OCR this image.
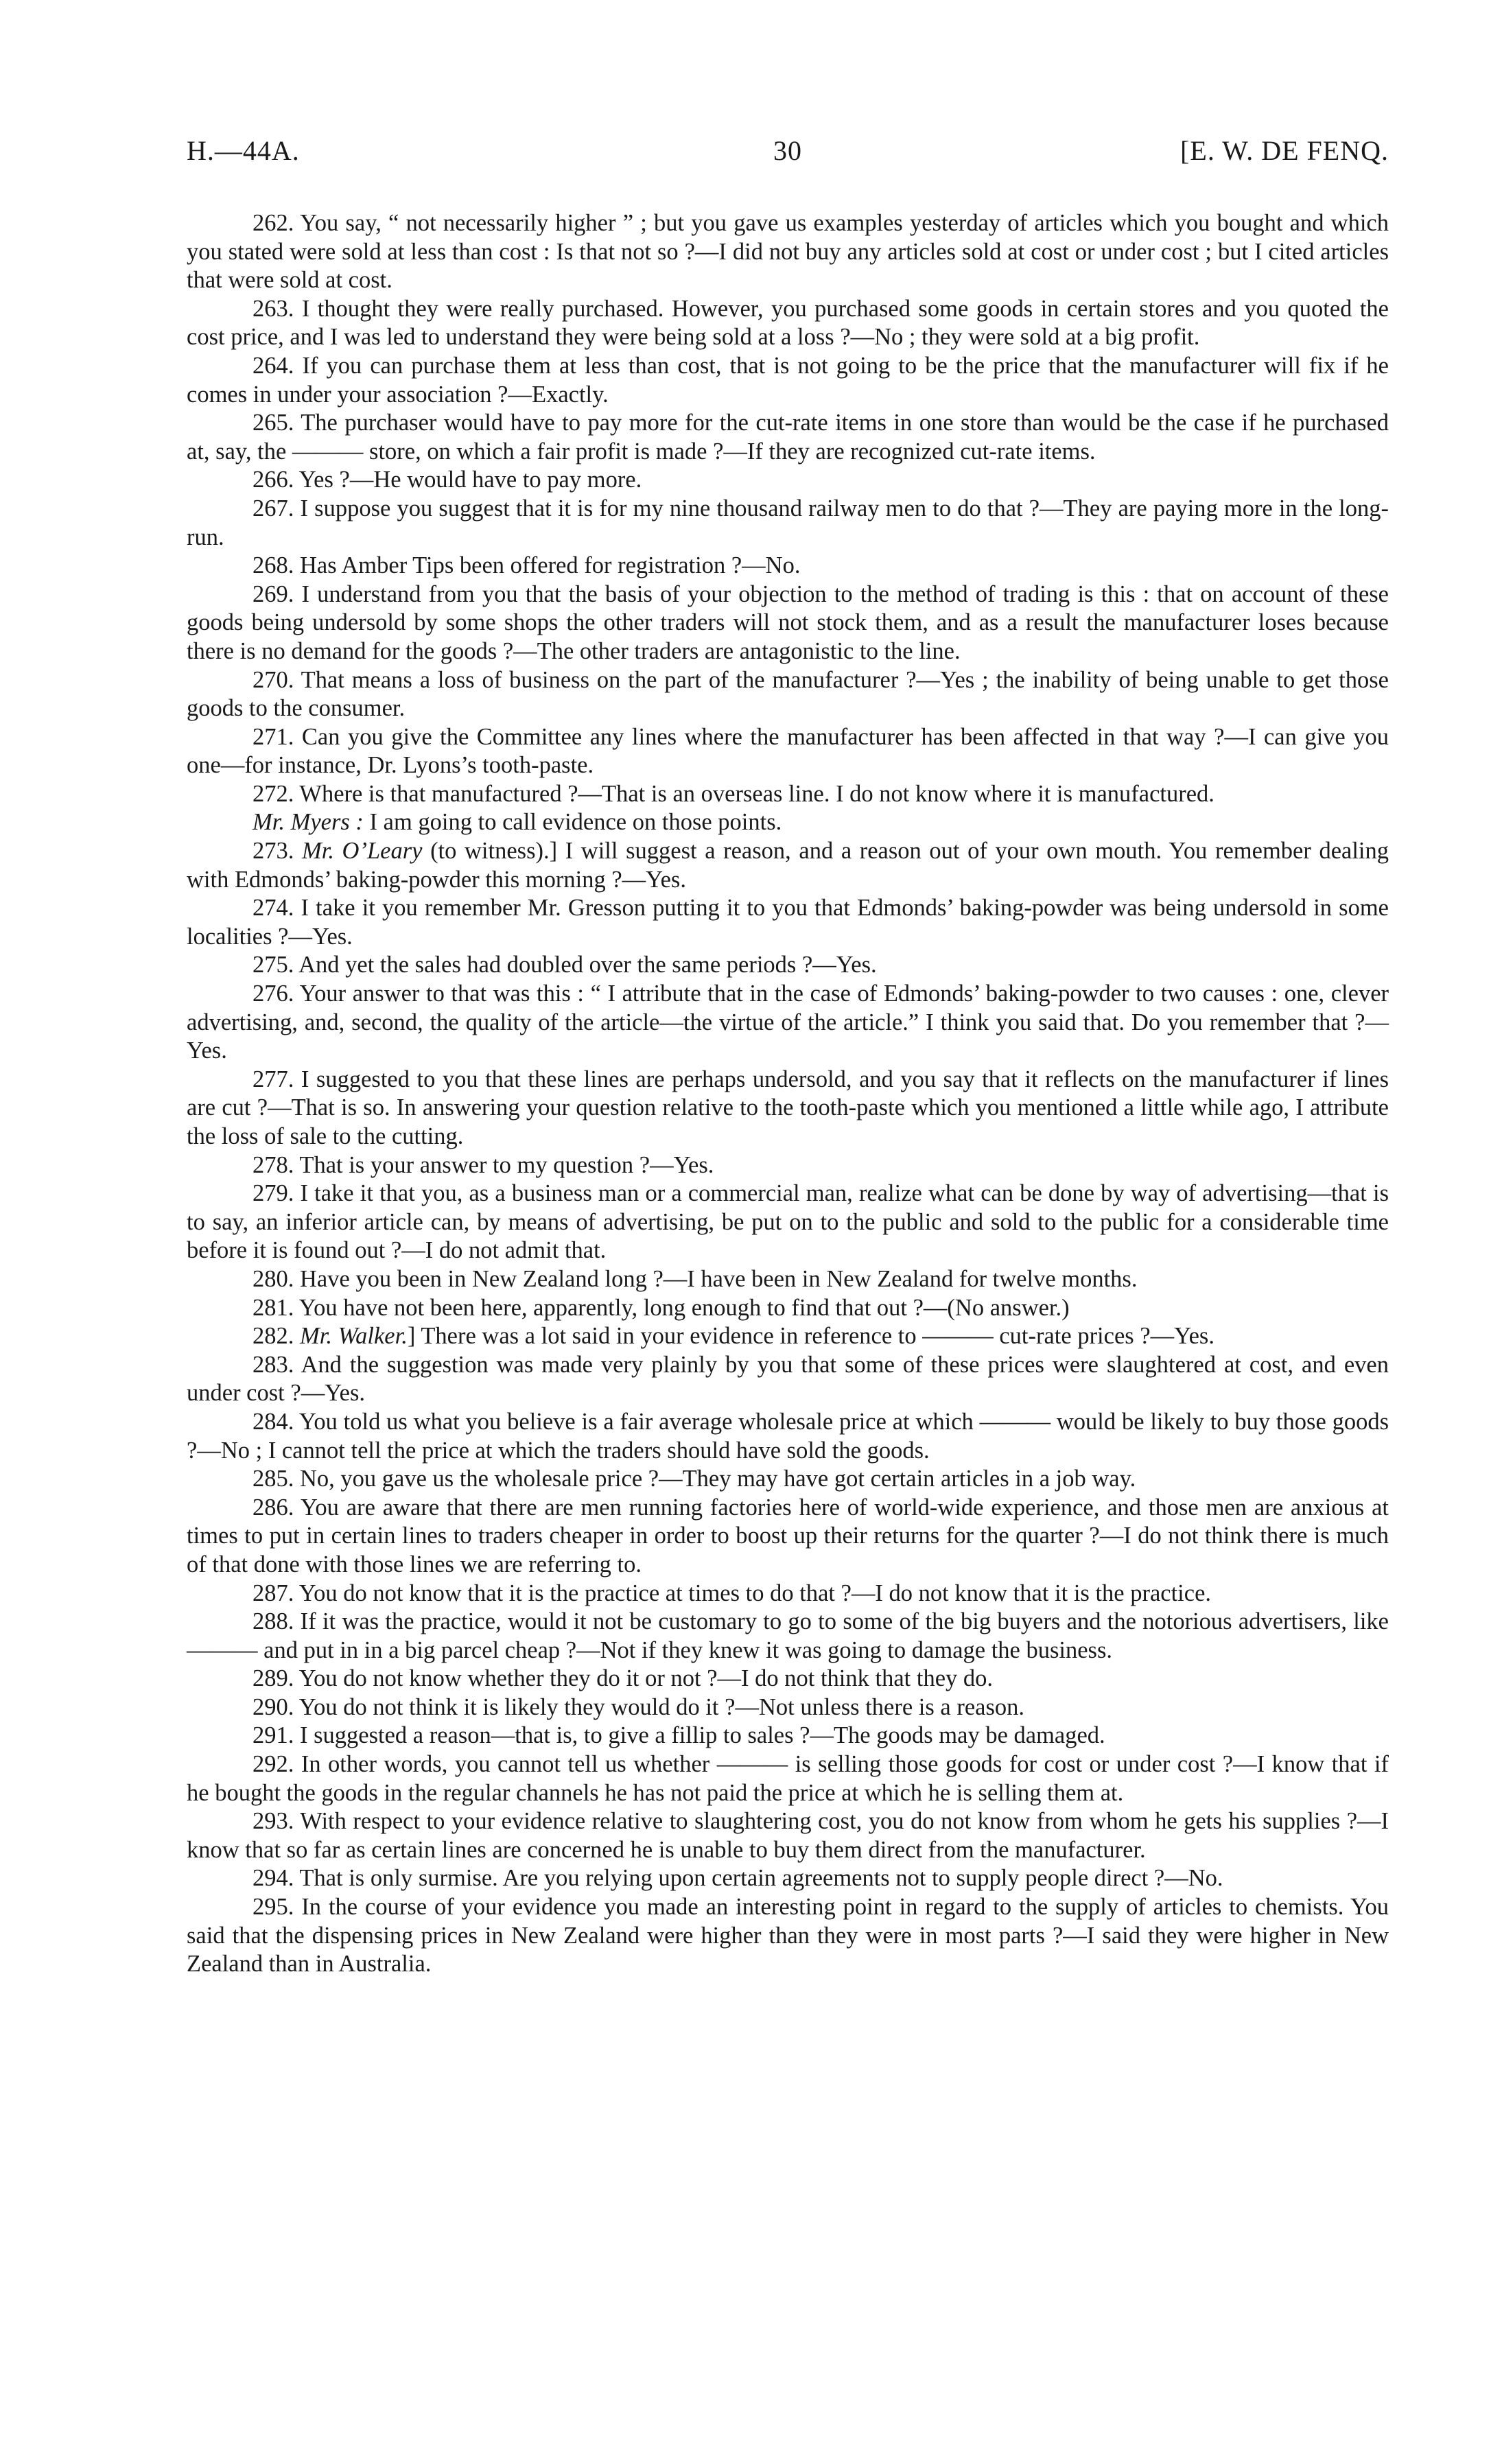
H.—44A.	30	[E. W. DE FENQ.

262. You say, “ not necessarily higher ” ; but you gave us examples yesterday of articles which you bought and which you stated were sold at less than cost : Is that not so ?—I did not buy any articles sold at cost or under cost ; but I cited articles that were sold at cost.

263. I thought they were really purchased. However, you purchased some goods in certain stores and you quoted the cost price, and I was led to understand they were being sold at a loss ?—No ; they were sold at a big profit.

264. If you can purchase them at less than cost, that is not going to be the price that the manufacturer will fix if he comes in under your association ?—Exactly.

265. The purchaser would have to pay more for the cut-rate items in one store than would be the case if he purchased at, say, the ——— store, on which a fair profit is made ?—If they are recognized cut-rate items.

266. Yes ?—He would have to pay more.

267. I suppose you suggest that it is for my nine thousand railway men to do that ?—They are paying more in the long-run.

268. Has Amber Tips been offered for registration ?—No.

269. I understand from you that the basis of your objection to the method of trading is this : that on account of these goods being undersold by some shops the other traders will not stock them, and as a result the manufacturer loses because there is no demand for the goods ?—The other traders are antagonistic to the line.

270. That means a loss of business on the part of the manufacturer ?—Yes ; the inability of being unable to get those goods to the consumer.

271. Can you give the Committee any lines where the manufacturer has been affected in that way ?—I can give you one—for instance, Dr. Lyons’s tooth-paste.

272. Where is that manufactured ?—That is an overseas line. I do not know where it is manufactured.

Mr. Myers : I am going to call evidence on those points.

273. Mr. O’Leary (to witness).] I will suggest a reason, and a reason out of your own mouth. You remember dealing with Edmonds’ baking-powder this morning ?—Yes.

274. I take it you remember Mr. Gresson putting it to you that Edmonds’ baking-powder was being undersold in some localities ?—Yes.

275. And yet the sales had doubled over the same periods ?—Yes.

276. Your answer to that was this : “ I attribute that in the case of Edmonds’ baking-powder to two causes : one, clever advertising, and, second, the quality of the article—the virtue of the article.” I think you said that. Do you remember that ?—Yes.

277. I suggested to you that these lines are perhaps undersold, and you say that it reflects on the manufacturer if lines are cut ?—That is so. In answering your question relative to the tooth-paste which you mentioned a little while ago, I attribute the loss of sale to the cutting.

278. That is your answer to my question ?—Yes.

279. I take it that you, as a business man or a commercial man, realize what can be done by way of advertising—that is to say, an inferior article can, by means of advertising, be put on to the public and sold to the public for a considerable time before it is found out ?—I do not admit that.

280. Have you been in New Zealand long ?—I have been in New Zealand for twelve months.

281. You have not been here, apparently, long enough to find that out ?—(No answer.)

282. Mr. Walker.] There was a lot said in your evidence in reference to ——— cut-rate prices ?—Yes.

283. And the suggestion was made very plainly by you that some of these prices were slaughtered at cost, and even under cost ?—Yes.

284. You told us what you believe is a fair average wholesale price at which ——— would be likely to buy those goods ?—No ; I cannot tell the price at which the traders should have sold the goods.

285. No, you gave us the wholesale price ?—They may have got certain articles in a job way.

286. You are aware that there are men running factories here of world-wide experience, and those men are anxious at times to put in certain lines to traders cheaper in order to boost up their returns for the quarter ?—I do not think there is much of that done with those lines we are referring to.

287. You do not know that it is the practice at times to do that ?—I do not know that it is the practice.

288. If it was the practice, would it not be customary to go to some of the big buyers and the notorious advertisers, like ——— and put in in a big parcel cheap ?—Not if they knew it was going to damage the business.

289. You do not know whether they do it or not ?—I do not think that they do.

290. You do not think it is likely they would do it ?—Not unless there is a reason.

291. I suggested a reason—that is, to give a fillip to sales ?—The goods may be damaged.

292. In other words, you cannot tell us whether ——— is selling those goods for cost or under cost ?—I know that if he bought the goods in the regular channels he has not paid the price at which he is selling them at.

293. With respect to your evidence relative to slaughtering cost, you do not know from whom he gets his supplies ?—I know that so far as certain lines are concerned he is unable to buy them direct from the manufacturer.

294. That is only surmise. Are you relying upon certain agreements not to supply people direct ?—No.

295. In the course of your evidence you made an interesting point in regard to the supply of articles to chemists. You said that the dispensing prices in New Zealand were higher than they were in most parts ?—I said they were higher in New Zealand than in Australia.
